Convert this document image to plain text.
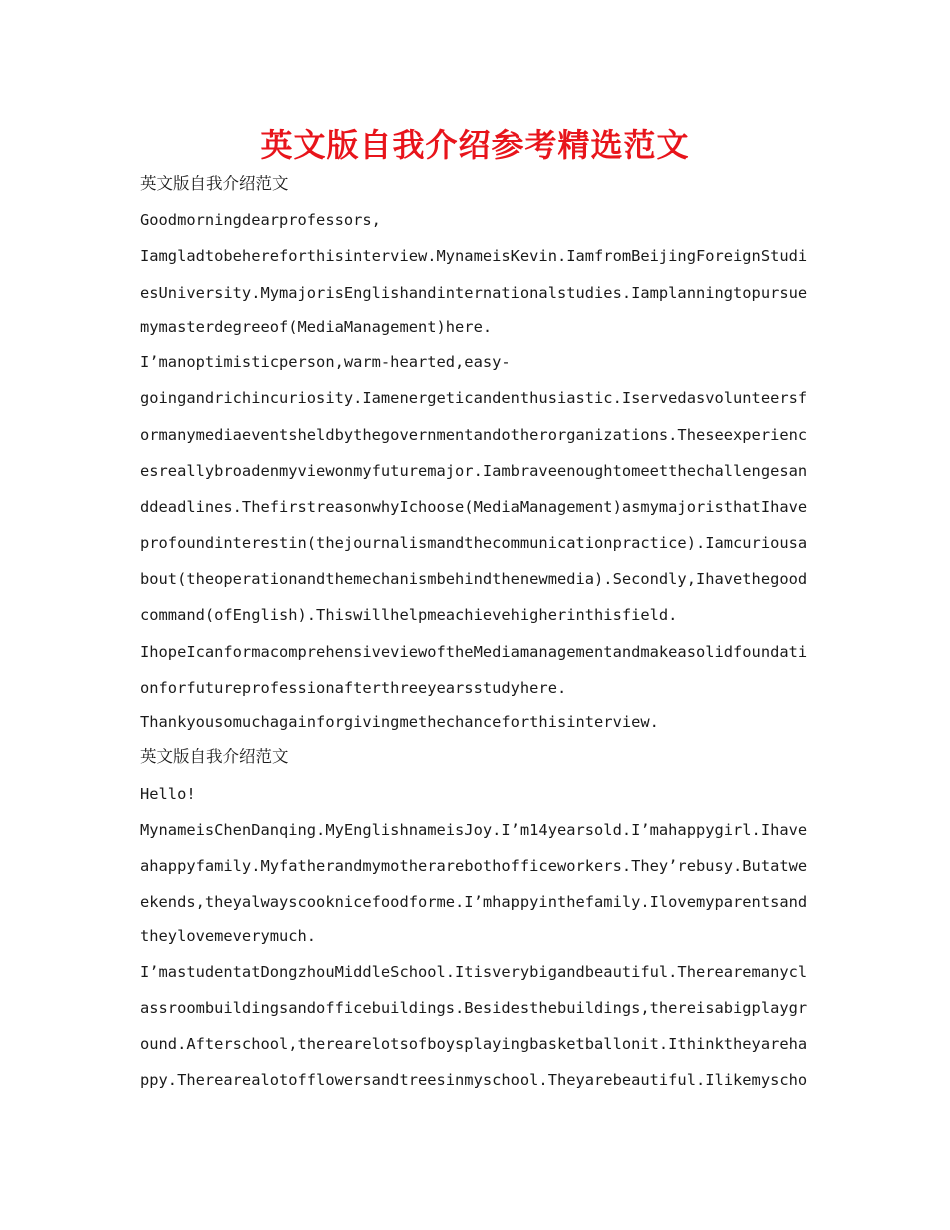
英文版自我介绍参考精选范文
英文版自我介绍范文
Goodmorningdearprofessors,
Iamgladtobehereforthisinterview.MynameisKevin.IamfromBeijingForeignStudi
esUniversity.MymajorisEnglishandinternationalstudies.Iamplanningtopursue
mymasterdegreeof(MediaManagement)here.
I’manoptimisticperson,warm-hearted,easy-
goingandrichincuriosity.Iamenergeticandenthusiastic.Iservedasvolunteersf
ormanymediaeventsheldbythegovernmentandotherorganizations.Theseexperienc
esreallybroadenmyviewonmyfuturemajor.Iambraveenoughtomeetthechallengesan
ddeadlines.ThefirstreasonwhyIchoose(MediaManagement)asmymajoristhatIhave
profoundinterestin(thejournalismandthecommunicationpractice).Iamcuriousa
bout(theoperationandthemechanismbehindthenewmedia).Secondly,Ihavethegood
command(ofEnglish).Thiswillhelpmeachievehigherinthisfield.
IhopeIcanformacomprehensiveviewoftheMediamanagementandmakeasolidfoundati
onforfutureprofessionafterthreeyearsstudyhere.
Thankyousomuchagainforgivingmethechanceforthisinterview.
英文版自我介绍范文
Hello!
MynameisChenDanqing.MyEnglishnameisJoy.I’m14yearsold.I’mahappygirl.Ihave
ahappyfamily.Myfatherandmymotherarebothofficeworkers.They’rebusy.Butatwe
ekends,theyalwayscooknicefoodforme.I’mhappyinthefamily.Ilovemyparentsand
theylovemeverymuch.
I’mastudentatDongzhouMiddleSchool.Itisverybigandbeautiful.Therearemanycl
assroombuildingsandofficebuildings.Besidesthebuildings,thereisabigplaygr
ound.Afterschool,therearelotsofboysplayingbasketballonit.Ithinktheyareha
ppy.Therearealotofflowersandtreesinmyschool.Theyarebeautiful.Ilikemyscho
